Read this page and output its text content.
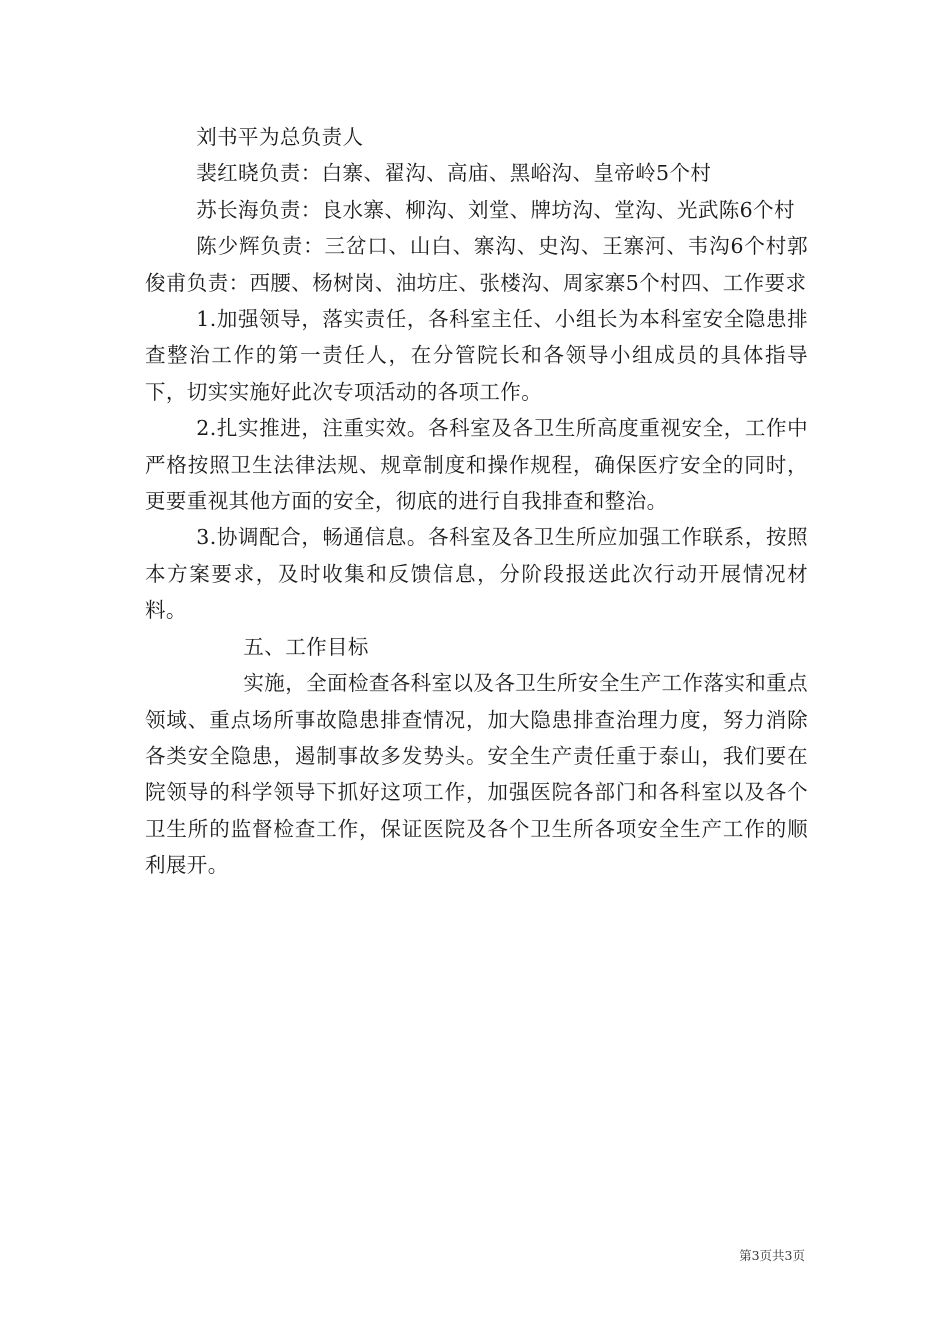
刘书平为总负责人

裴红晓负责：白寨、翟沟、高庙、黑峪沟、皇帝岭5个村

苏长海负责：良水寨、柳沟、刘堂、牌坊沟、堂沟、光武陈6个村

陈少辉负责：三岔口、山白、寨沟、史沟、王寨河、韦沟6个村郭俊甫负责：西腰、杨树岗、油坊庄、张楼沟、周家寨5个村四、工作要求

1.加强领导，落实责任，各科室主任、小组长为本科室安全隐患排查整治工作的第一责任人，在分管院长和各领导小组成员的具体指导下，切实实施好此次专项活动的各项工作。

2.扎实推进，注重实效。各科室及各卫生所高度重视安全，工作中严格按照卫生法律法规、规章制度和操作规程，确保医疗安全的同时，更要重视其他方面的安全，彻底的进行自我排查和整治。

3.协调配合，畅通信息。各科室及各卫生所应加强工作联系，按照本方案要求，及时收集和反馈信息，分阶段报送此次行动开展情况材料。

五、工作目标

实施，全面检查各科室以及各卫生所安全生产工作落实和重点领域、重点场所事故隐患排查情况，加大隐患排查治理力度，努力消除各类安全隐患，遏制事故多发势头。安全生产责任重于泰山，我们要在院领导的科学领导下抓好这项工作，加强医院各部门和各科室以及各个卫生所的监督检查工作，保证医院及各个卫生所各项安全生产工作的顺利展开。

第3页共3页
